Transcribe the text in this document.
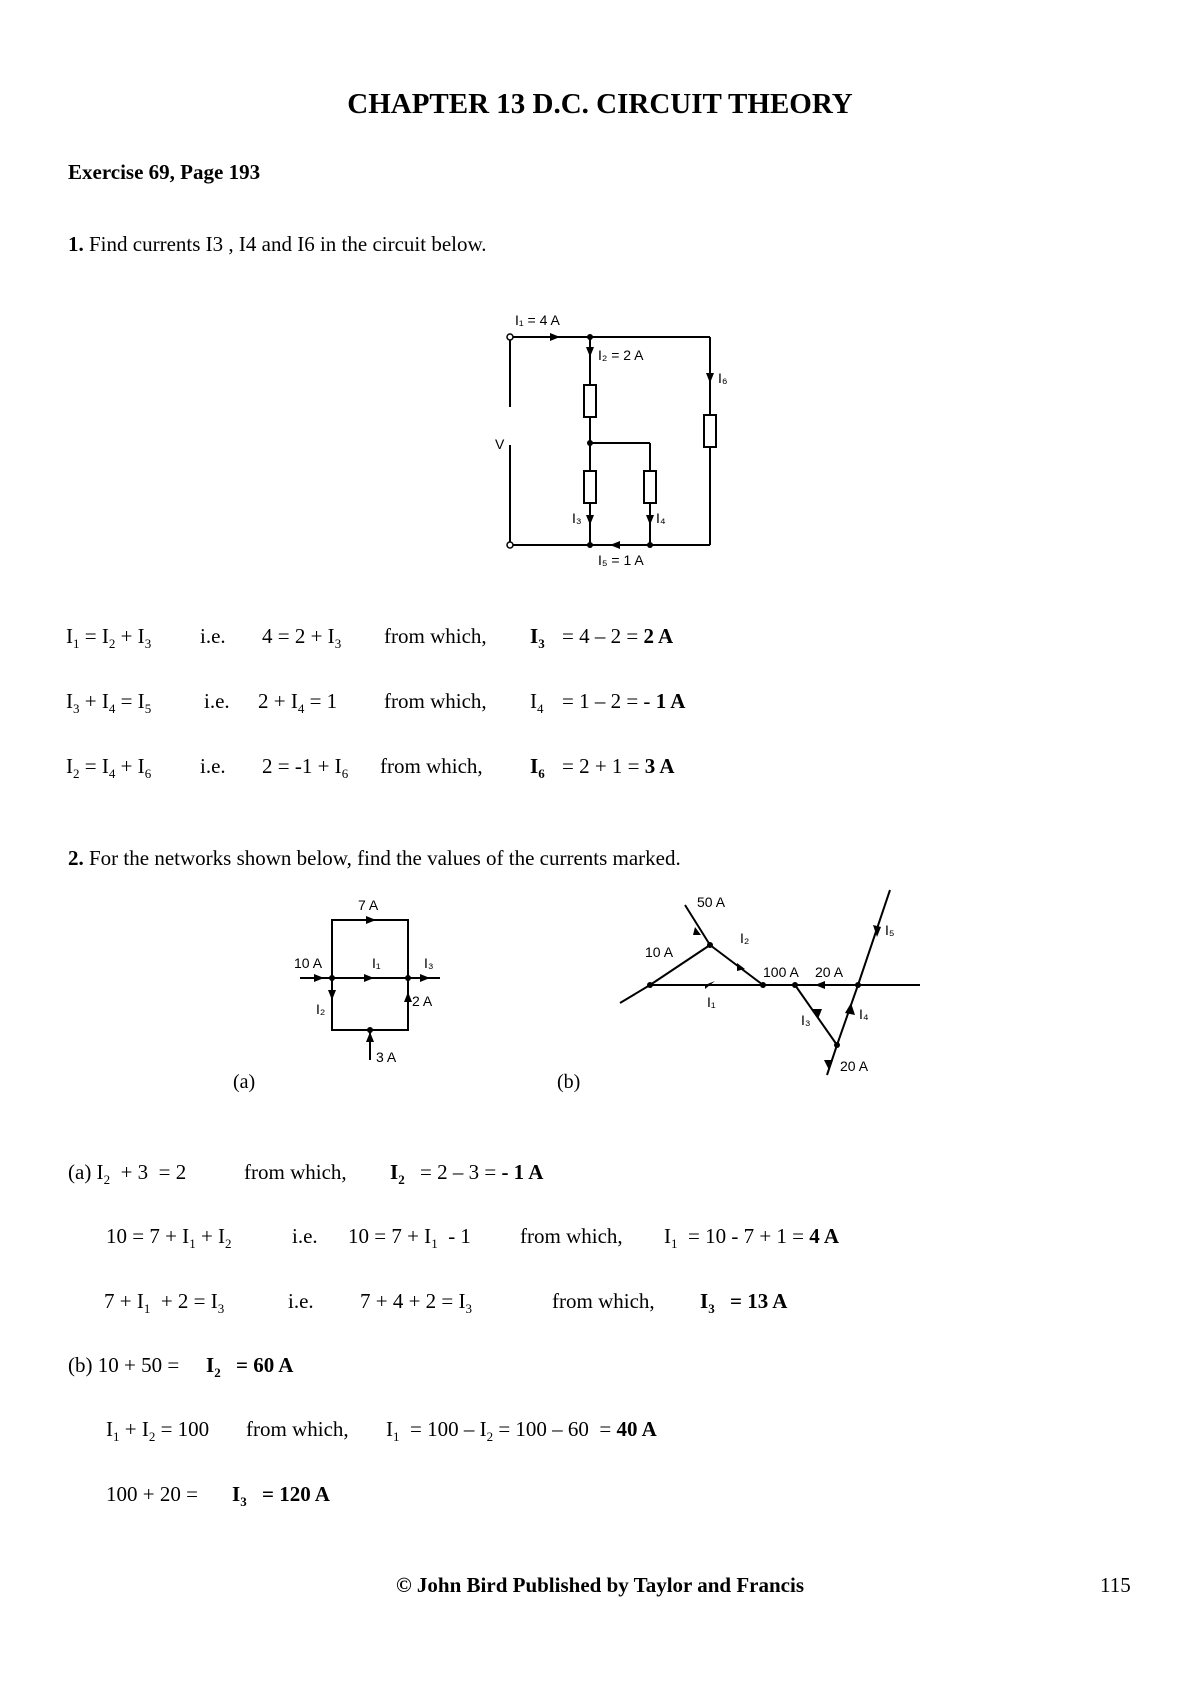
CHAPTER 13 D.C. CIRCUIT THEORY
Exercise 69, Page 193
1. Find currents I3 , I4 and I6 in the circuit below.
I₁ = 4 A
I₂ = 2 A
I₆
V
I₃	I₄
I₅ = 1 A
$I_1 = I_2 + I_3$ i.e. $4 = 2 + I_3$ from which, $I_3 = 4 - 2 = 2$ A
$I_3 + I_4 = I_5$	i.e. $2 + I_4 = 1$ from which, $I_4 = 1 - 2$ = - 1 A
$I_2 = I_4 + I_6$ i.e. $2 = -1 + I_6$ from which, $I_6 = 2 + 1 = 3$ A
2. For the networks shown below, find the values of the currents marked.
7 A
10 A	I₁	I₃
I₂	2 A
3 A
(a)
50 A
10 A
I₂
I₁
100 A 20 A
I₅
I₃	I₄
20 A
(b)
(a) $I_2 + 3 = 2$	from which, $I_2 = 2 - 3$ = - 1 A
$10 = 7 + I_1 + I_2$	i.e. $10 = 7 + I_1 - 1$ from which, $I_1 = 10 - 7 + 1 = 4$ A
$7 + I_1 + 2 = I_3$	i.e. $7 + 4 + 2 = I_3$	from which, $I_3 = 13$ A
(b) $10 + 50 = I_2 = 60$ A
$I_1 + I_2 = 100$ from which, $I_1 = 100 - I_2 = 100 - 60 = 40$ A
$100 + 20 = I_3 = 120$ A
© John Bird Published by Taylor and Francis	115
